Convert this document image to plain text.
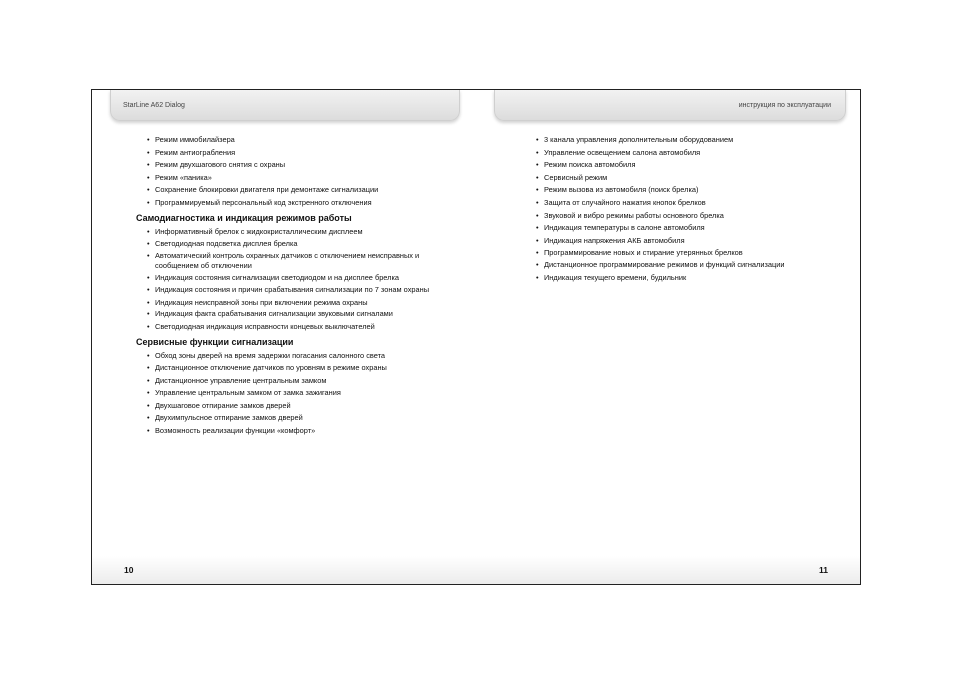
StarLine A62 Dialog	инструкция по эксплуатации
• Режим иммобилайзера
• Режим антиограбления
• Режим двухшагового снятия с охраны
• Режим «паника»
• Сохранение блокировки двигателя при демонтаже сигнализации
• Программируемый персональный код экстренного отключения
Самодиагностика и индикация режимов работы
• Информативный брелок с жидкокристаллическим дисплеем
• Светодиодная подсветка дисплея брелка
• Автоматический контроль охранных датчиков с отключением неисправных и сообщением об отключении
• Индикация состояния сигнализации светодиодом и на дисплее брелка
• Индикация состояния и причин срабатывания сигнализации по 7 зонам охраны
• Индикация неисправной зоны при включении режима охраны
• Индикация факта срабатывания сигнализации звуковыми сигналами
• Светодиодная индикация исправности концевых выключателей
Сервисные функции сигнализации
• Обход зоны дверей на время задержки погасания салонного света
• Дистанционное отключение датчиков по уровням в режиме охраны
• Дистанционное управление центральным замком
• Управление центральным замком от замка зажигания
• Двухшаговое отпирание замков дверей
• Двухимпульсное отпирание замков дверей
• Возможность реализации функции «комфорт»
• 3 канала управления дополнительным оборудованием
• Управление освещением салона автомобиля
• Режим поиска автомобиля
• Сервисный режим
• Режим вызова из автомобиля (поиск брелка)
• Защита от случайного нажатия кнопок брелков
• Звуковой и вибро режимы работы основного брелка
• Индикация температуры в салоне автомобиля
• Индикация напряжения АКБ автомобиля
• Программирование новых и стирание утерянных брелков
• Дистанционное программирование режимов и функций сигнализации
• Индикация текущего времени, будильник
10	11
